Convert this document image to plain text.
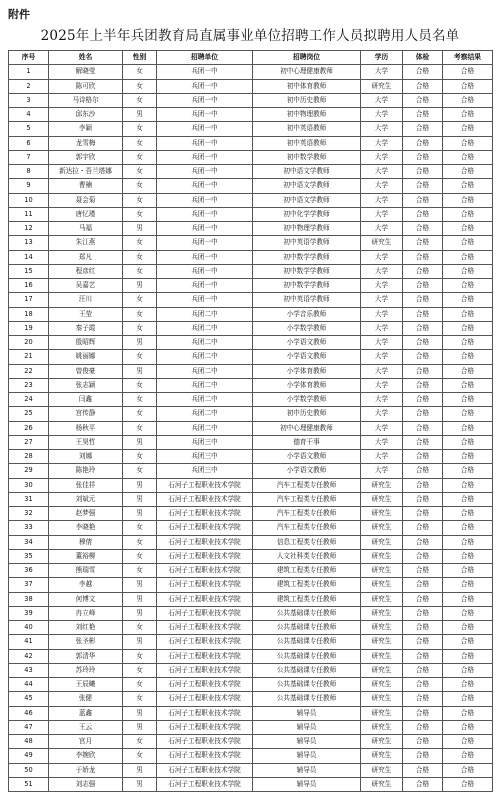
附件
2025年上半年兵团教育局直属事业单位招聘工作人员拟聘用人员名单
序号	姓名	性别	招聘单位	招聘岗位	学历	体检	考察结果
1	解晓莹	女	兵团一中	初中心理健康教师	大学	合格	合格
2	陈可欣	女	兵团一中	初中体育教师	研究生	合格	合格
3	马诗格尔	女	兵团一中	初中历史教师	大学	合格	合格
4	邱东沙	男	兵团一中	初中物理教师	大学	合格	合格
5	李颖	女	兵团一中	初中英语教师	大学	合格	合格
6	龙雪梅	女	兵团一中	初中英语教师	大学	合格	合格
7	郭宇欣	女	兵团一中	初中数学教师	大学	合格	合格
8	新达拉・吾兰塔娜	女	兵团一中	初中语文学教师	大学	合格	合格
9	曹楠	女	兵团一中	初中语文学教师	大学	合格	合格
10	聂会菊	女	兵团一中	初中语文学教师	大学	合格	合格
11	唐忆瑾	女	兵团一中	初中化学学教师	大学	合格	合格
12	马福	男	兵团一中	初中物理学教师	大学	合格	合格
13	朱江燕	女	兵团一中	初中英语学教师	研究生	合格	合格
14	郑凡	女	兵团一中	初中数学学教师	大学	合格	合格
15	程彦红	女	兵团一中	初中数学学教师	大学	合格	合格
16	吴嘉艺	男	兵团一中	初中数学学教师	大学	合格	合格
17	汪川	女	兵团一中	初中英语学教师	大学	合格	合格
18	王莹	女	兵团二中	小学音乐教师	大学	合格	合格
19	秦子霞	女	兵团二中	小学数学教师	大学	合格	合格
20	殷昭辉	男	兵团二中	小学语文教师	大学	合格	合格
21	姚丽娜	女	兵团二中	小学语文教师	大学	合格	合格
22	曾俊豪	男	兵团二中	小学体育教师	大学	合格	合格
23	张志颖	女	兵团二中	小学体育教师	大学	合格	合格
24	闫鑫	女	兵团二中	小学数学教师	大学	合格	合格
25	宫传静	女	兵团二中	初中历史教师	大学	合格	合格
26	杨秋平	女	兵团二中	初中心理健康教师	大学	合格	合格
27	王昊哲	男	兵团三中	德育干事	大学	合格	合格
28	刘娜	女	兵团三中	小学语文教师	大学	合格	合格
29	陈艳玲	女	兵团三中	小学语文教师	大学	合格	合格
30	张佳祥	男	石河子工程职业技术学院	汽车工程类专任教师	研究生	合格	合格
31	刘斌元	男	石河子工程职业技术学院	汽车工程类专任教师	研究生	合格	合格
32	赵梦强	男	石河子工程职业技术学院	汽车工程类专任教师	研究生	合格	合格
33	李晓艳	女	石河子工程职业技术学院	汽车工程类专任教师	研究生	合格	合格
34	穆倩	女	石河子工程职业技术学院	信息工程类专任教师	研究生	合格	合格
35	董裕柳	女	石河子工程职业技术学院	人文社科类专任教师	研究生	合格	合格
36	熊瑞雪	女	石河子工程职业技术学院	建筑工程类专任教师	研究生	合格	合格
37	李越	男	石河子工程职业技术学院	建筑工程类专任教师	研究生	合格	合格
38	何博文	男	石河子工程职业技术学院	建筑工程类专任教师	研究生	合格	合格
39	冉立峰	男	石河子工程职业技术学院	公共基础课专任教师	研究生	合格	合格
40	刘红艳	女	石河子工程职业技术学院	公共基础课专任教师	研究生	合格	合格
41	张圣彬	男	石河子工程职业技术学院	公共基础课专任教师	研究生	合格	合格
42	郭清华	女	石河子工程职业技术学院	公共基础课专任教师	研究生	合格	合格
43	苏玲玲	女	石河子工程职业技术学院	公共基础课专任教师	研究生	合格	合格
44	王辰曦	女	石河子工程职业技术学院	公共基础课专任教师	研究生	合格	合格
45	张健	女	石河子工程职业技术学院	公共基础课专任教师	研究生	合格	合格
46	蓝鑫	男	石河子工程职业技术学院	辅导员	研究生	合格	合格
47	王云	男	石河子工程职业技术学院	辅导员	研究生	合格	合格
48	宫月	女	石河子工程职业技术学院	辅导员	研究生	合格	合格
49	李婉欣	女	石河子工程职业技术学院	辅导员	研究生	合格	合格
50	于娇龙	男	石河子工程职业技术学院	辅导员	研究生	合格	合格
51	刘志强	男	石河子工程职业技术学院	辅导员	研究生	合格	合格
